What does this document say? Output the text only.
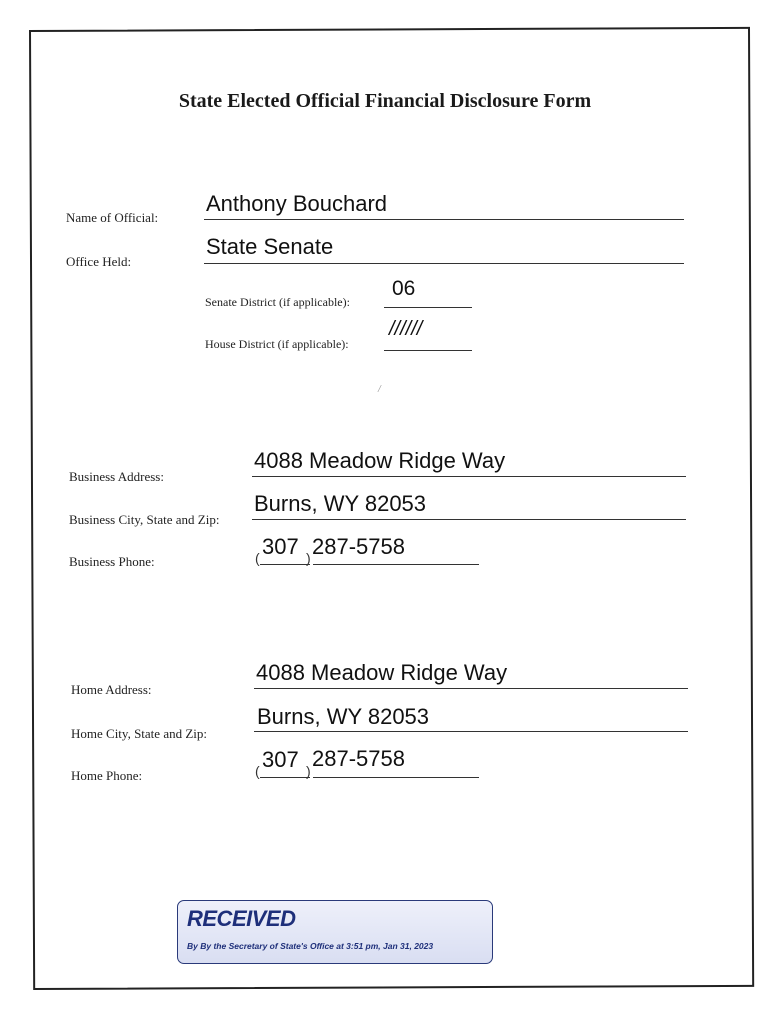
State Elected Official Financial Disclosure Form
Name of Official:
Anthony Bouchard
Office Held:
State Senate
Senate District (if applicable):
06
House District (if applicable):
//////
/
Business Address:
4088 Meadow Ridge Way
Business City, State and Zip:
Burns, WY 82053
Business Phone:	( 307 ) 287-5758
Home Address:
4088 Meadow Ridge Way
Home City, State and Zip:
Burns, WY 82053
Home Phone:	( 307 ) 287-5758
RECEIVED
By By the Secretary of State's Office at 3:51 pm, Jan 31, 2023
